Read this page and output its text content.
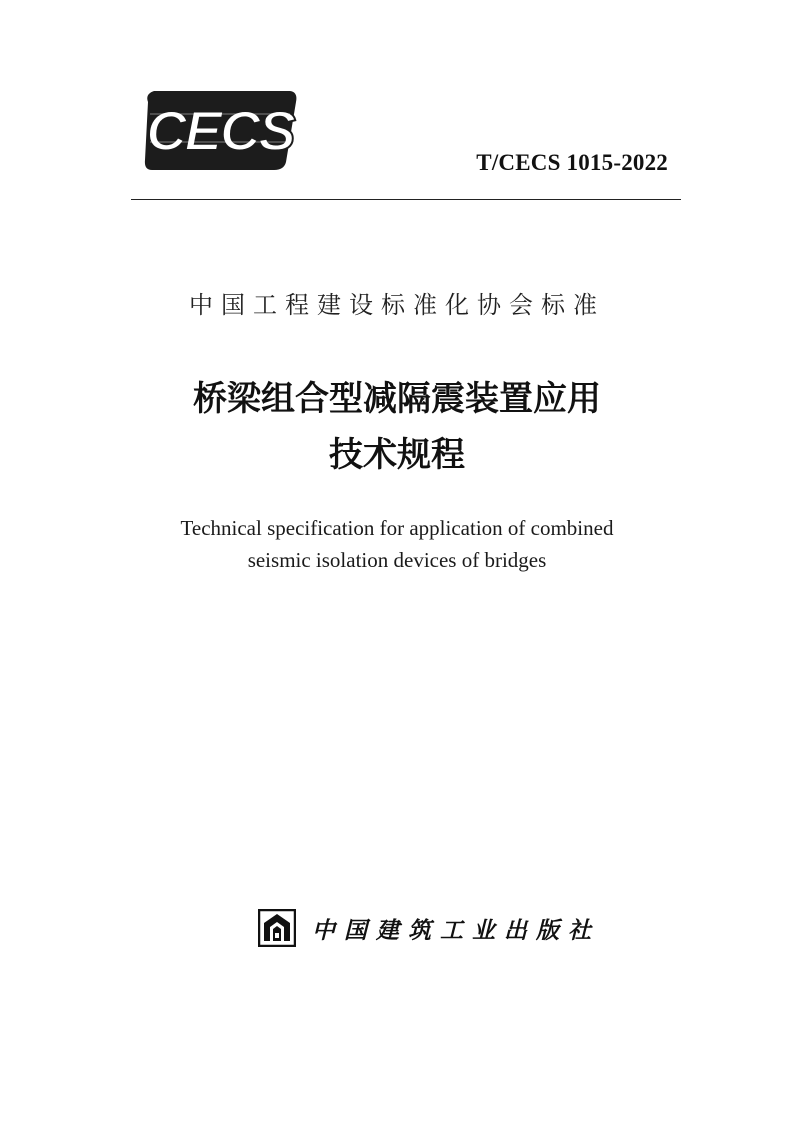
CECS
T/CECS 1015-2022
中国工程建设标准化协会标准
桥梁组合型减隔震装置应用
技术规程
Technical specification for application of combined
seismic isolation devices of bridges
中国建筑工业出版社
